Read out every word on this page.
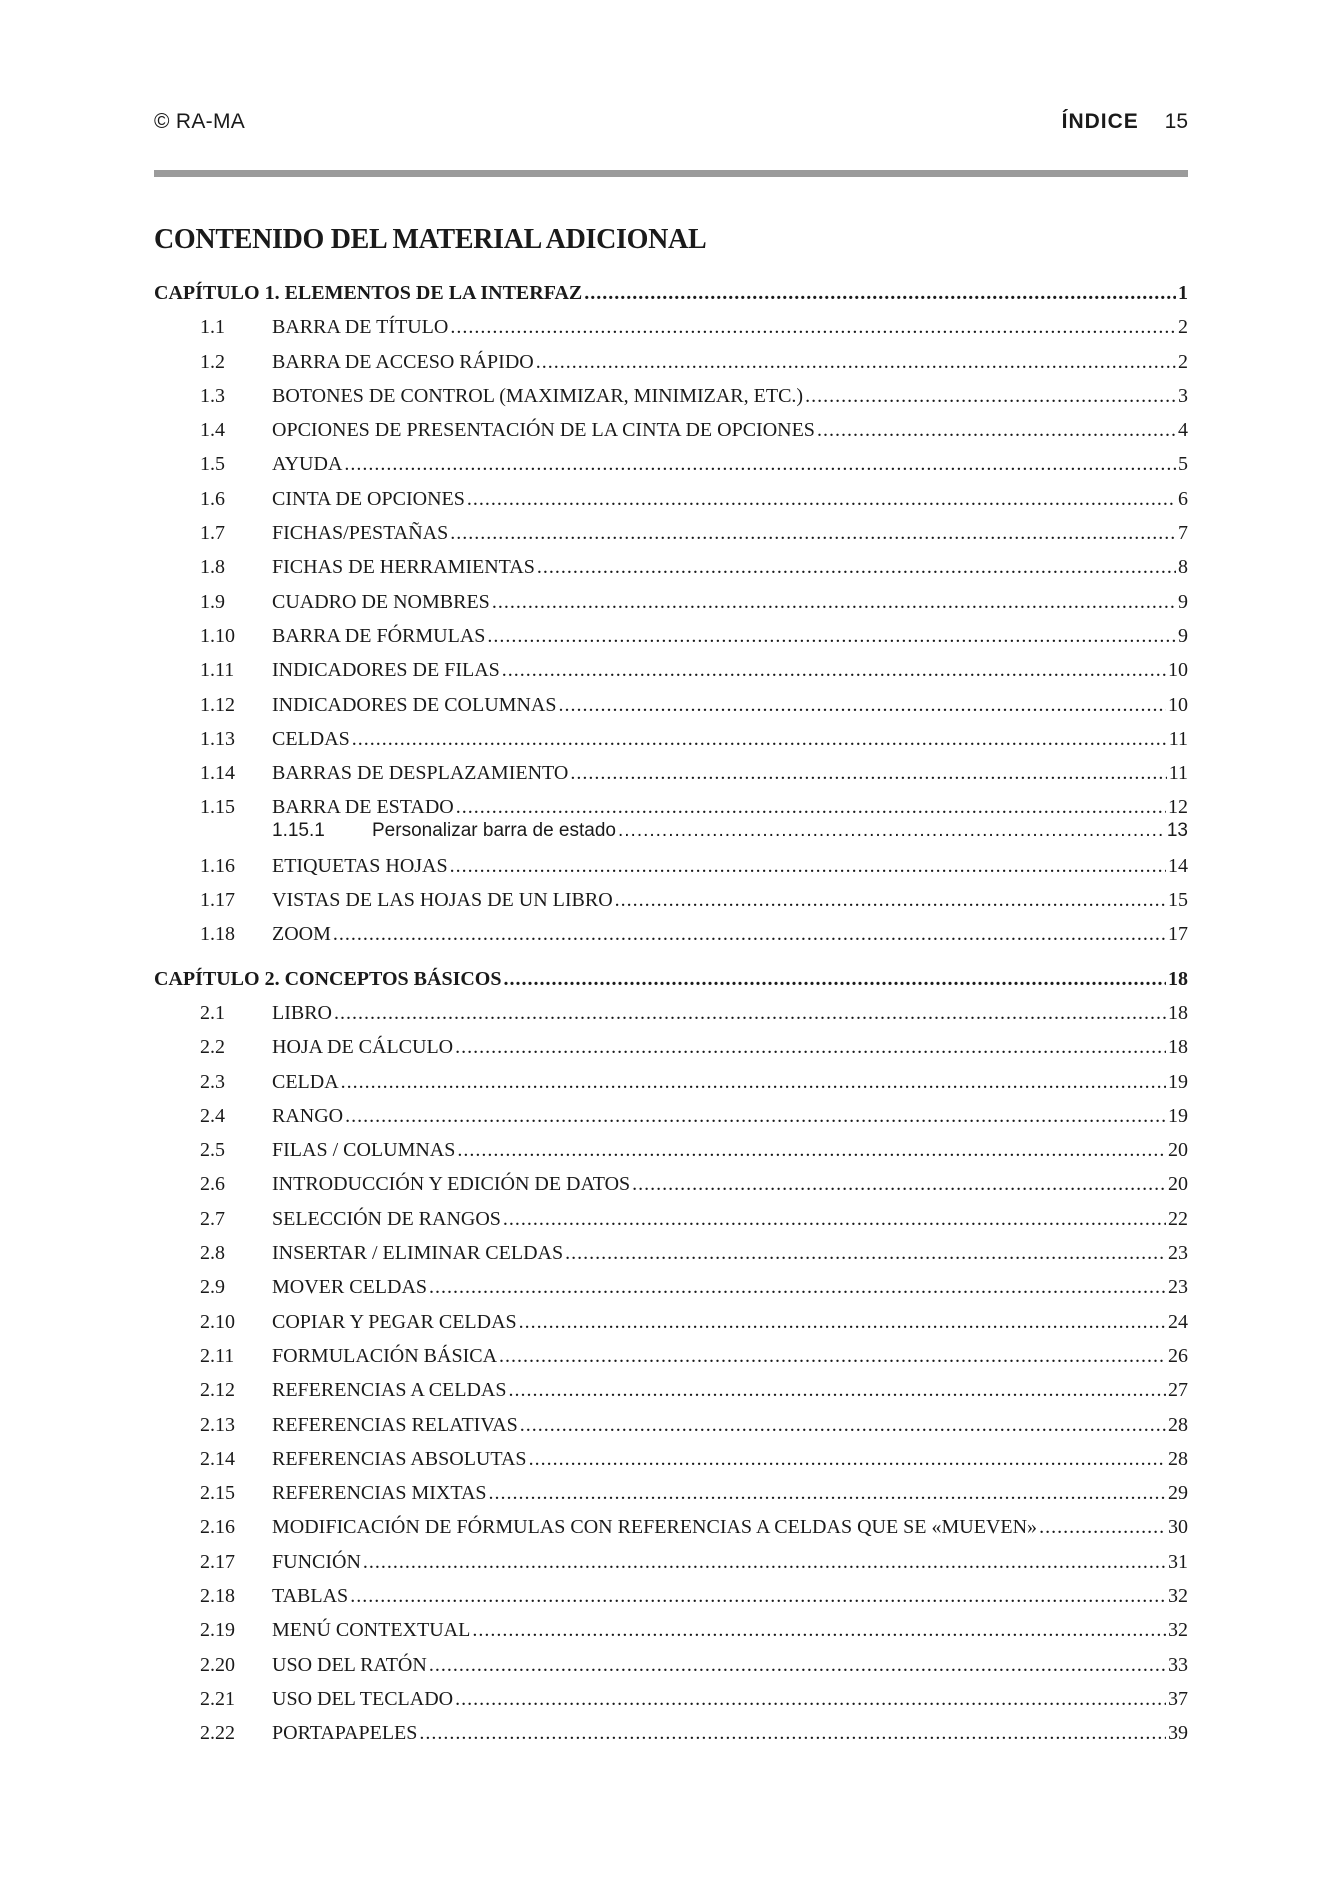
© RA-MA	ÍNDICE 15
CONTENIDO DEL MATERIAL ADICIONAL
CAPÍTULO 1. ELEMENTOS DE LA INTERFAZ .....	1
1.1	BARRA DE TÍTULO .....	2
1.2	BARRA DE ACCESO RÁPIDO .....	2
1.3	BOTONES DE CONTROL (MAXIMIZAR, MINIMIZAR, ETC.) .....	3
1.4	OPCIONES DE PRESENTACIÓN DE LA CINTA DE OPCIONES .....	4
1.5	AYUDA .....	5
1.6	CINTA DE OPCIONES .....	6
1.7	FICHAS/PESTAÑAS .....	7
1.8	FICHAS DE HERRAMIENTAS .....	8
1.9	CUADRO DE NOMBRES .....	9
1.10	BARRA DE FÓRMULAS .....	9
1.11	INDICADORES DE FILAS .....	10
1.12	INDICADORES DE COLUMNAS .....	10
1.13	CELDAS .....	11
1.14	BARRAS DE DESPLAZAMIENTO .....	11
1.15	BARRA DE ESTADO .....	12
1.15.1	Personalizar barra de estado .....	13
1.16	ETIQUETAS HOJAS .....	14
1.17	VISTAS DE LAS HOJAS DE UN LIBRO .....	15
1.18	ZOOM .....	17
CAPÍTULO 2. CONCEPTOS BÁSICOS .....	18
2.1	LIBRO .....	18
2.2	HOJA DE CÁLCULO .....	18
2.3	CELDA .....	19
2.4	RANGO .....	19
2.5	FILAS / COLUMNAS .....	20
2.6	INTRODUCCIÓN Y EDICIÓN DE DATOS .....	20
2.7	SELECCIÓN DE RANGOS .....	22
2.8	INSERTAR / ELIMINAR CELDAS .....	23
2.9	MOVER CELDAS .....	23
2.10	COPIAR Y PEGAR CELDAS .....	24
2.11	FORMULACIÓN BÁSICA .....	26
2.12	REFERENCIAS A CELDAS .....	27
2.13	REFERENCIAS RELATIVAS .....	28
2.14	REFERENCIAS ABSOLUTAS .....	28
2.15	REFERENCIAS MIXTAS .....	29
2.16	MODIFICACIÓN DE FÓRMULAS CON REFERENCIAS A CELDAS QUE SE «MUEVEN» .....	30
2.17	FUNCIÓN .....	31
2.18	TABLAS .....	32
2.19	MENÚ CONTEXTUAL .....	32
2.20	USO DEL RATÓN .....	33
2.21	USO DEL TECLADO .....	37
2.22	PORTAPAPELES .....	39
